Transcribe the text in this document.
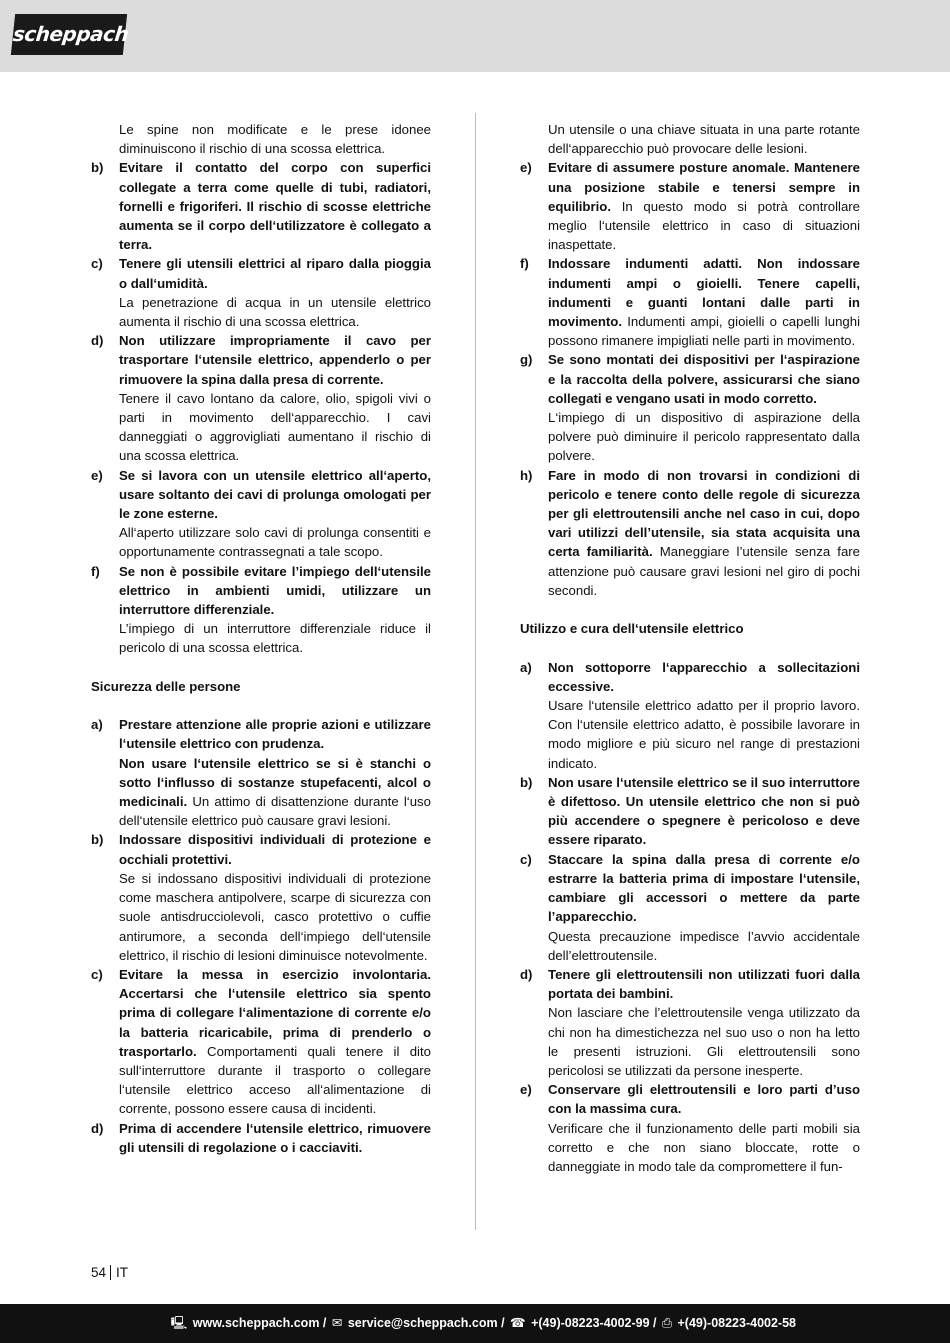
scheppach
Le spine non modificate e le prese idonee diminuiscono il rischio di una scossa elettrica.
b)	Evitare il contatto del corpo con superfici collegate a terra come quelle di tubi, radiatori, fornelli e frigoriferi. Il rischio di scosse elettriche aumenta se il corpo dell‘utilizzatore è collegato a terra.
c)	Tenere gli utensili elettrici al riparo dalla pioggia o dall‘umidità.
La penetrazione di acqua in un utensile elettrico aumenta il rischio di una scossa elettrica.
d)	Non utilizzare impropriamente il cavo per trasportare l‘utensile elettrico, appenderlo o per rimuovere la spina dalla presa di corrente.
Tenere il cavo lontano da calore, olio, spigoli vivi o parti in movimento dell‘apparecchio. I cavi danneggiati o aggrovigliati aumentano il rischio di una scossa elettrica.
e)	Se si lavora con un utensile elettrico all‘aperto, usare soltanto dei cavi di prolunga omologati per le zone esterne.
All‘aperto utilizzare solo cavi di prolunga consentiti e opportunamente contrassegnati a tale scopo.
f)	Se non è possibile evitare l’impiego dell‘utensile elettrico in ambienti umidi, utilizzare un interruttore differenziale.
L’impiego di un interruttore differenziale riduce il pericolo di una scossa elettrica.
Sicurezza delle persone
a)	Prestare attenzione alle proprie azioni e utilizzare l‘utensile elettrico con prudenza.
Non usare l‘utensile elettrico se si è stanchi o sotto l‘influsso di sostanze stupefacenti, alcol o medicinali. Un attimo di disattenzione durante l‘uso dell‘utensile elettrico può causare gravi lesioni.
b)	Indossare dispositivi individuali di protezione e occhiali protettivi.
Se si indossano dispositivi individuali di protezione come maschera antipolvere, scarpe di sicurezza con suole antisdrucciolevoli, casco protettivo o cuffie antirumore, a seconda dell‘impiego dell‘utensile elettrico, il rischio di lesioni diminuisce notevolmente.
c)	Evitare la messa in esercizio involontaria. Accertarsi che l‘utensile elettrico sia spento prima di collegare l‘alimentazione di corrente e/o la batteria ricaricabile, prima di prenderlo o trasportarlo. Comportamenti quali tenere il dito sull‘interruttore durante il trasporto o collegare l‘utensile elettrico acceso all‘alimentazione di corrente, possono essere causa di incidenti.
d)	Prima di accendere l‘utensile elettrico, rimuovere gli utensili di regolazione o i cacciaviti.
Un utensile o una chiave situata in una parte rotante dell‘apparecchio può provocare delle lesioni.
e)	Evitare di assumere posture anomale. Mantenere una posizione stabile e tenersi sempre in equilibrio. In questo modo si potrà controllare meglio l‘utensile elettrico in caso di situazioni inaspettate.
f)	Indossare indumenti adatti. Non indossare indumenti ampi o gioielli. Tenere capelli, indumenti e guanti lontani dalle parti in movimento. Indumenti ampi, gioielli o capelli lunghi possono rimanere impigliati nelle parti in movimento.
g)	Se sono montati dei dispositivi per l‘aspirazione e la raccolta della polvere, assicurarsi che siano collegati e vengano usati in modo corretto.
L‘impiego di un dispositivo di aspirazione della polvere può diminuire il pericolo rappresentato dalla polvere.
h)	Fare in modo di non trovarsi in condizioni di pericolo e tenere conto delle regole di sicurezza per gli elettroutensili anche nel caso in cui, dopo vari utilizzi dell’utensile, sia stata acquisita una certa familiarità. Maneggiare l’utensile senza fare attenzione può causare gravi lesioni nel giro di pochi secondi.
Utilizzo e cura dell‘utensile elettrico
a)	Non sottoporre l‘apparecchio a sollecitazioni eccessive.
Usare l‘utensile elettrico adatto per il proprio lavoro. Con l‘utensile elettrico adatto, è possibile lavorare in modo migliore e più sicuro nel range di prestazioni indicato.
b)	Non usare l‘utensile elettrico se il suo interruttore è difettoso. Un utensile elettrico che non si può più accendere o spegnere è pericoloso e deve essere riparato.
c)	Staccare la spina dalla presa di corrente e/o estrarre la batteria prima di impostare l‘utensile, cambiare gli accessori o mettere da parte l’apparecchio.
Questa precauzione impedisce l’avvio accidentale dell’elettroutensile.
d)	Tenere gli elettroutensili non utilizzati fuori dalla portata dei bambini.
Non lasciare che l’elettroutensile venga utilizzato da chi non ha dimestichezza nel suo uso o non ha letto le presenti istruzioni. Gli elettroutensili sono pericolosi se utilizzati da persone inesperte.
e)	Conservare gli elettroutensili e loro parti d’uso con la massima cura.
Verificare che il funzionamento delle parti mobili sia corretto e che non siano bloccate, rotte o danneggiate in modo tale da compromettere il fun-
54 IT
🖳 www.scheppach.com / ✉ service@scheppach.com / ☎ +(49)-08223-4002-99 / ⎙ +(49)-08223-4002-58
